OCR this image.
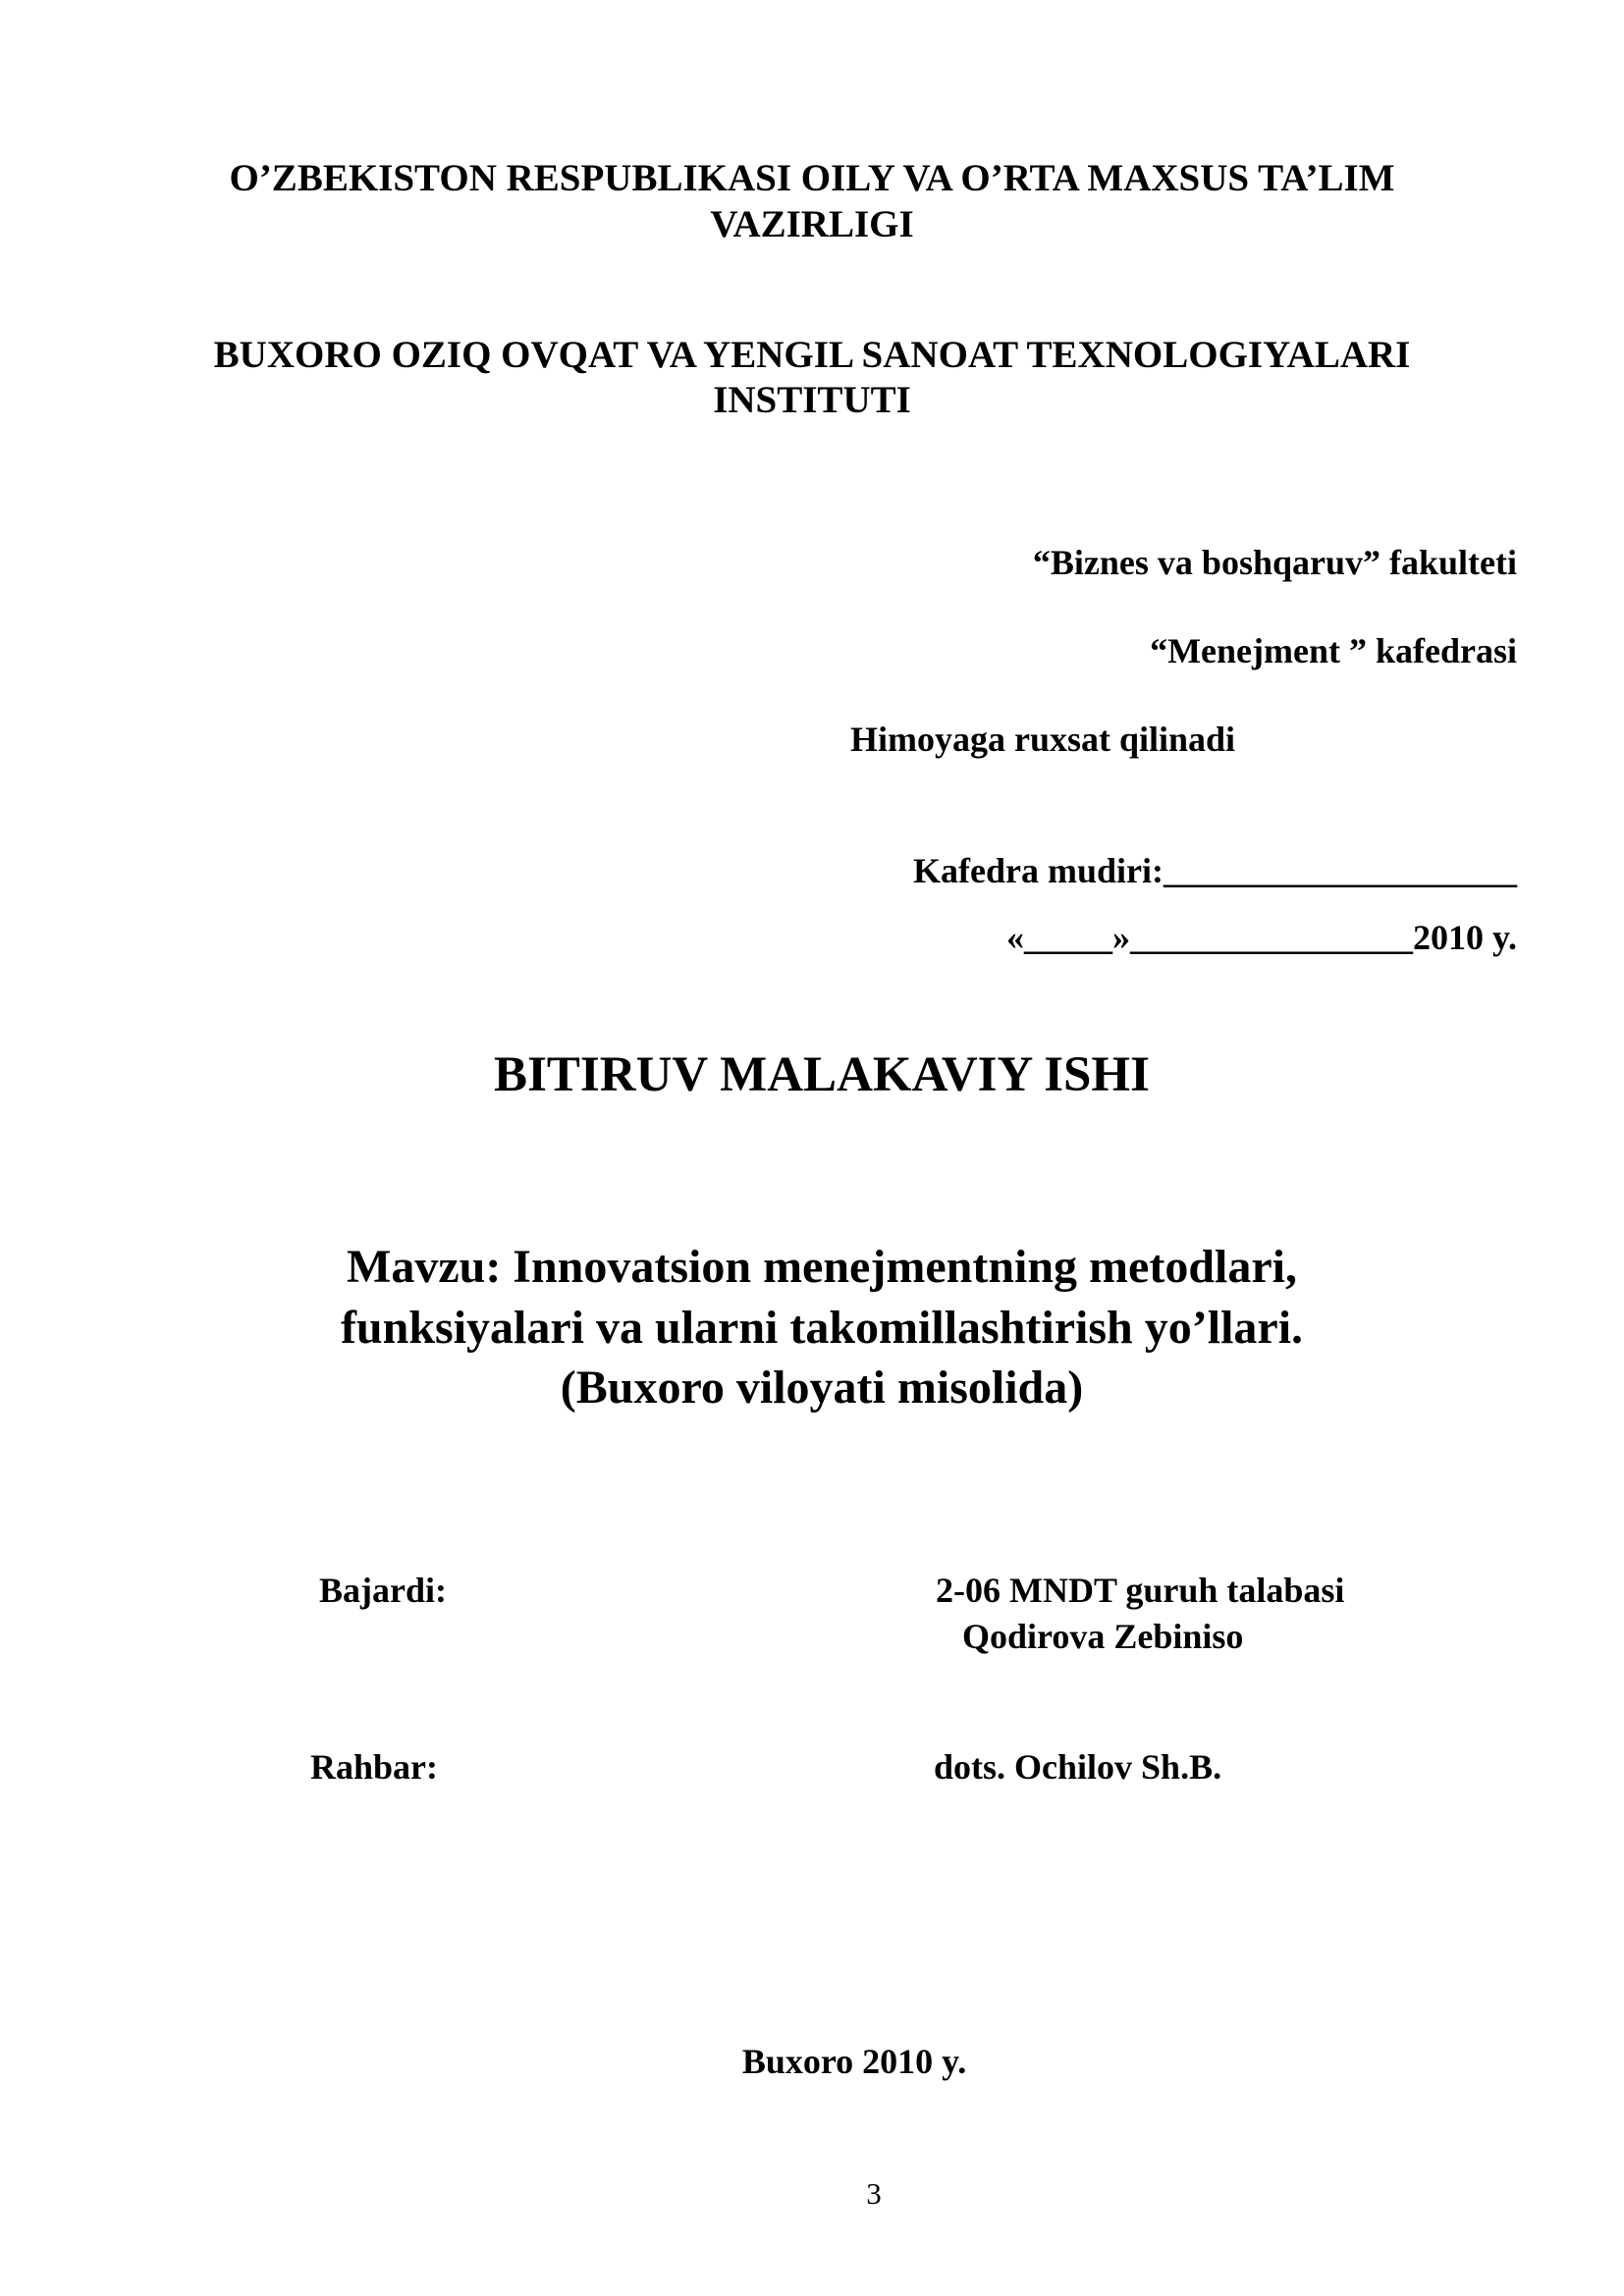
O’ZBEKISTON RESPUBLIKASI OILY VA O’RTA MAXSUS TA’LIM
VAZIRLIGI
BUXORO OZIQ OVQAT VA YENGIL SANOAT TEXNOLOGIYALARI
INSTITUTI
“Biznes va boshqaruv” fakulteti
“Menejment ” kafedrasi
Himoyaga ruxsat qilinadi
Kafedra mudiri:____________________
«_____»________________2010 y.
BITIRUV MALAKAVIY ISHI
Mavzu: Innovatsion menejmentning metodlari,
funksiyalari va ularni takomillashtirish yo’llari.
(Buxoro viloyati misolida)
Bajardi:	2-06 MNDT guruh talabasi
Qodirova Zebiniso
Rahbar:	dots. Ochilov Sh.B.
Buxoro 2010 y.
3
